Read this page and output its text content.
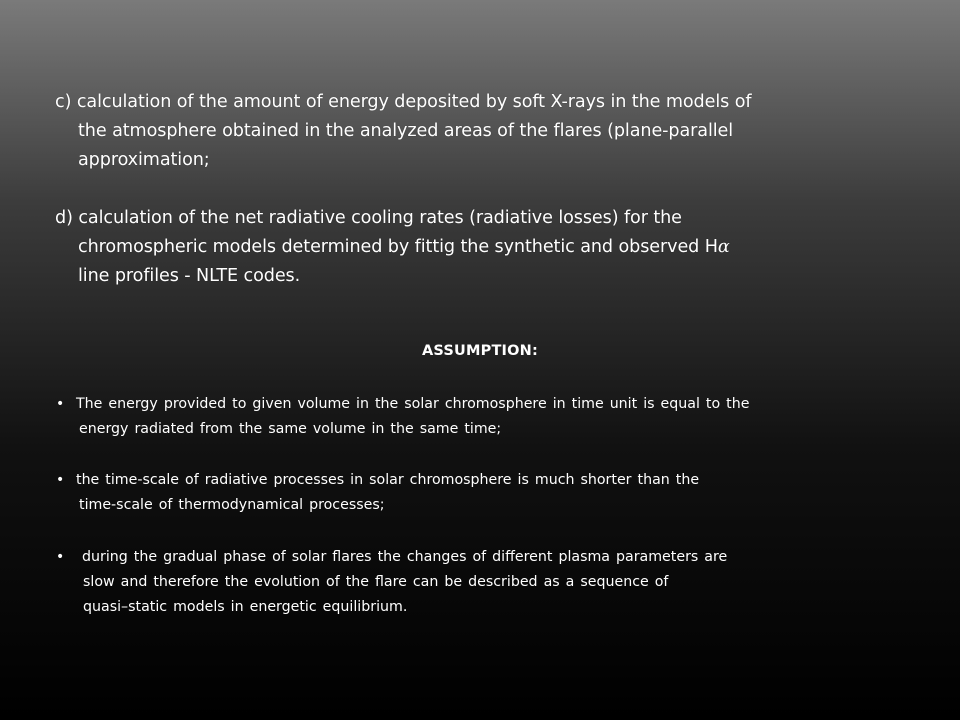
c) calculation of the amount of energy deposited by soft X-rays in the models of
the atmosphere obtained in the analyzed areas of the flares (plane-parallel
approximation;
d) calculation of the net radiative cooling rates (radiative losses) for the
chromospheric models determined by fittig the synthetic and observed Hα
line profiles - NLTE codes.
ASSUMPTION:
• The energy provided to given volume in the solar chromosphere in time unit is equal to the
energy radiated from the same volume in the same time;
• the time-scale of radiative processes in solar chromosphere is much shorter than the
time-scale of thermodynamical processes;
•	during the gradual phase of solar flares the changes of different plasma parameters are
slow and therefore the evolution of the flare can be described as a sequence of
quasi–static models in energetic equilibrium.
